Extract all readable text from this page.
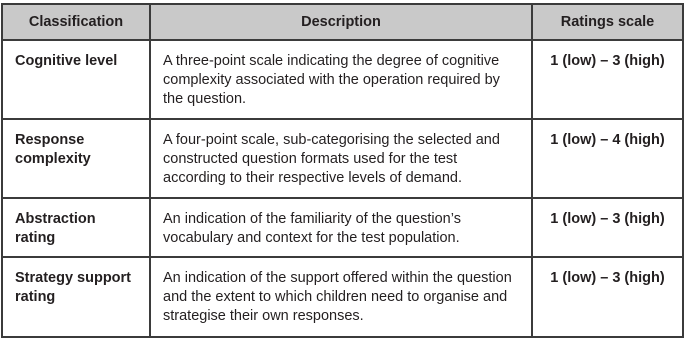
Classification	Description	Ratings scale
Cognitive level	A three-point scale indicating the degree of cognitive complexity associated with the operation required by the question.	1 (low) – 3 (high)
Response complexity	A four-point scale, sub-categorising the selected and constructed question formats used for the test according to their respective levels of demand.	1 (low) – 4 (high)
Abstraction rating	An indication of the familiarity of the question’s vocabulary and context for the test population.	1 (low) – 3 (high)
Strategy support rating	An indication of the support offered within the question and the extent to which children need to organise and strategise their own responses.	1 (low) – 3 (high)
